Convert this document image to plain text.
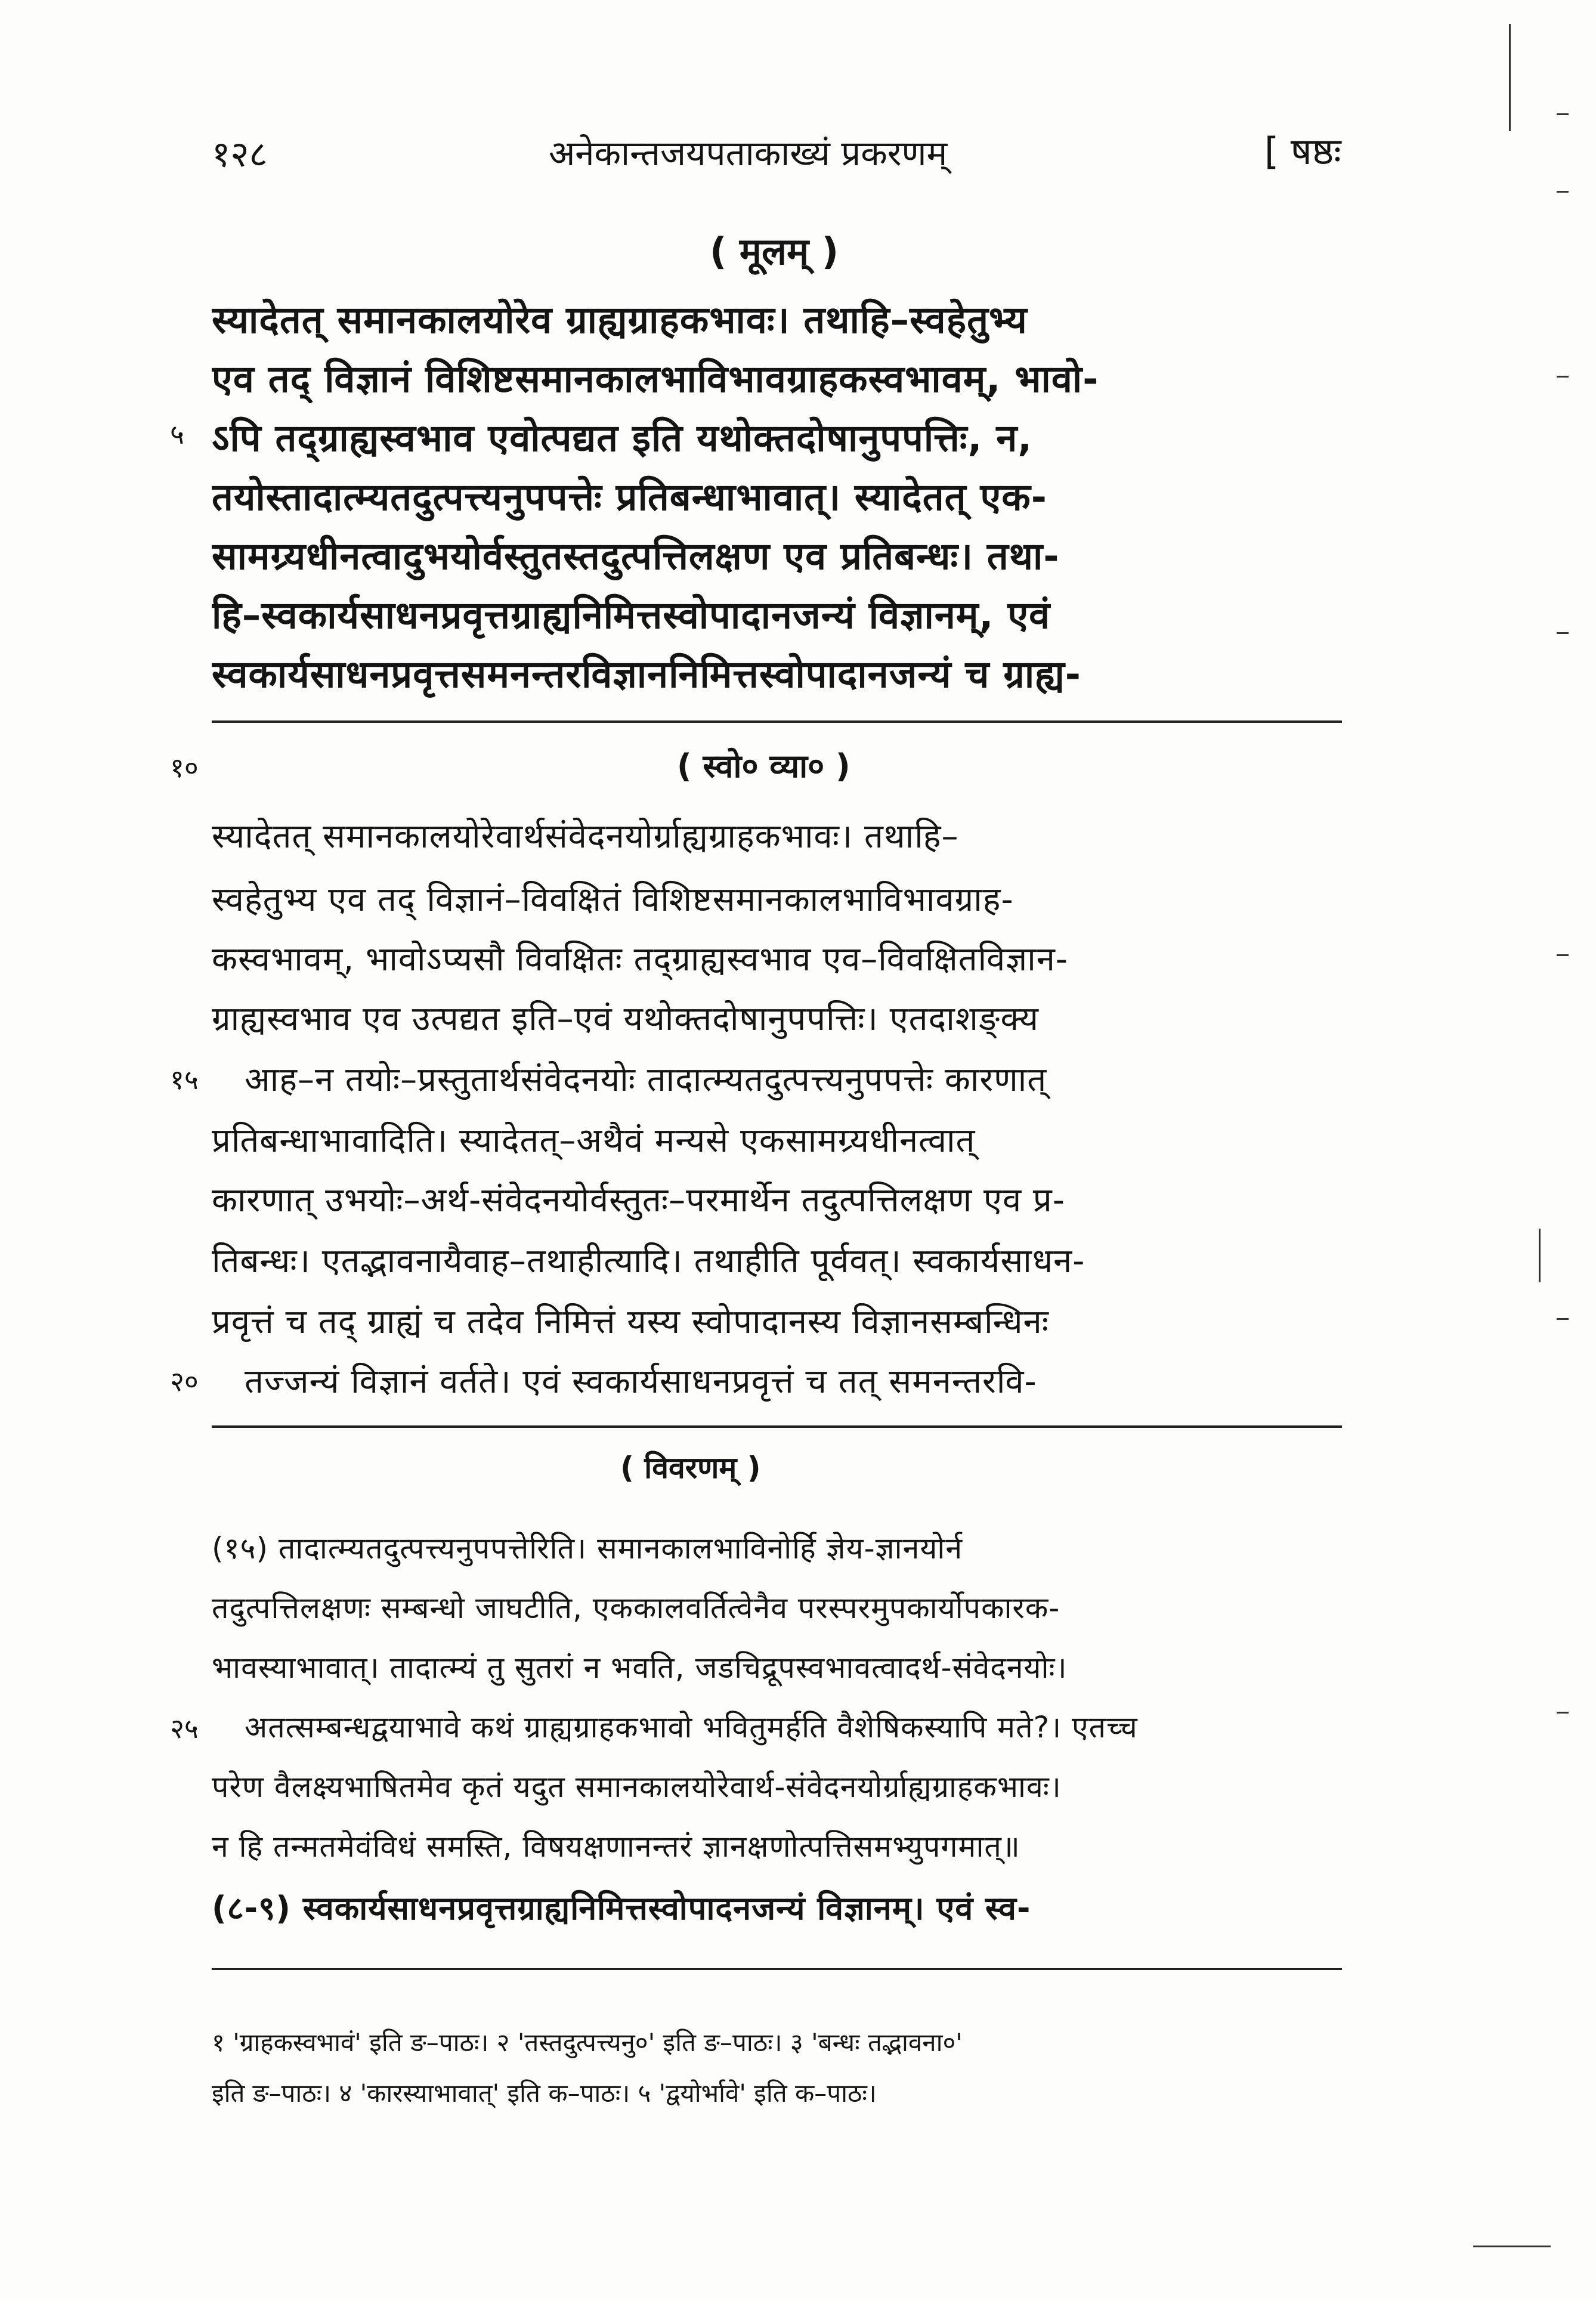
१२८	अनेकान्तजयपताकाख्यं प्रकरणम्	[ षष्ठः
( मूलम् )
स्यादेतत् समानकालयोरेव ग्राह्यग्राहकभावः। तथाहि–स्वहेतुभ्य
एव तद् विज्ञानं विशिष्टसमानकालभाविभावग्राहकस्वभावम्, भावो-
५ ऽपि तद्ग्राह्यस्वभाव एवोत्पद्यत इति यथोक्तदोषानुपपत्तिः, न,
तयोस्तादात्म्यतदुत्पत्त्यनुपपत्तेः प्रतिबन्धाभावात्। स्यादेतत् एक-
सामग्र्यधीनत्वादुभयोर्वस्तुतस्तदुत्पत्तिलक्षण एव प्रतिबन्धः। तथा-
हि–स्वकार्यसाधनप्रवृत्तग्राह्यनिमित्तस्वोपादानजन्यं विज्ञानम्, एवं
स्वकार्यसाधनप्रवृत्तसमनन्तरविज्ञाननिमित्तस्वोपादानजन्यं च ग्राह्य-
१०	( स्वो० व्या० )
स्यादेतत् समानकालयोरेवार्थसंवेदनयोर्ग्राह्यग्राहकभावः। तथाहि–
स्वहेतुभ्य एव तद् विज्ञानं–विवक्षितं विशिष्टसमानकालभाविभावग्राह-
कस्वभावम्, भावोऽप्यसौ विवक्षितः तद्ग्राह्यस्वभाव एव–विवक्षितविज्ञान-
ग्राह्यस्वभाव एव उत्पद्यत इति–एवं यथोक्तदोषानुपपत्तिः। एतदाशङ्क्य
१५ आह–न तयोः–प्रस्तुतार्थसंवेदनयोः तादात्म्यतदुत्पत्त्यनुपपत्तेः कारणात्
प्रतिबन्धाभावादिति। स्यादेतत्–अथैवं मन्यसे एकसामग्र्यधीनत्वात्
कारणात् उभयोः–अर्थ-संवेदनयोर्वस्तुतः–परमार्थेन तदुत्पत्तिलक्षण एव प्र-
तिबन्धः। एतद्भावनायैवाह–तथाहीत्यादि। तथाहीति पूर्ववत्। स्वकार्यसाधन-
प्रवृत्तं च तद् ग्राह्यं च तदेव निमित्तं यस्य स्वोपादानस्य विज्ञानसम्बन्धिनः
२० तज्जन्यं विज्ञानं वर्तते। एवं स्वकार्यसाधनप्रवृत्तं च तत् समनन्तरवि-
( विवरणम् )
(१५) तादात्म्यतदुत्पत्त्यनुपपत्तेरिति। समानकालभाविनोर्हि ज्ञेय-ज्ञानयोर्न
तदुत्पत्तिलक्षणः सम्बन्धो जाघटीति, एककालवर्तित्वेनैव परस्परमुपकार्योपकारक-
भावस्याभावात्। तादात्म्यं तु सुतरां न भवति, जडचिद्रूपस्वभावत्वादर्थ-संवेदनयोः।
२५ अतत्सम्बन्धद्वयाभावे कथं ग्राह्यग्राहकभावो भवितुमर्हति वैशेषिकस्यापि मते?। एतच्च
परेण वैलक्ष्यभाषितमेव कृतं यदुत समानकालयोरेवार्थ-संवेदनयोर्ग्राह्यग्राहकभावः।
न हि तन्मतमेवंविधं समस्ति, विषयक्षणानन्तरं ज्ञानक्षणोत्पत्तिसमभ्युपगमात्॥
(८-९) स्वकार्यसाधनप्रवृत्तग्राह्यनिमित्तस्वोपादनजन्यं विज्ञानम्। एवं स्व-
१ 'ग्राहकस्वभावं' इति ङ–पाठः। २ 'तस्तदुत्पत्त्यनु०' इति ङ–पाठः। ३ 'बन्धः तद्भावना०'
इति ङ–पाठः। ४ 'कारस्याभावात्' इति क–पाठः। ५ 'द्वयोर्भावे' इति क–पाठः।
